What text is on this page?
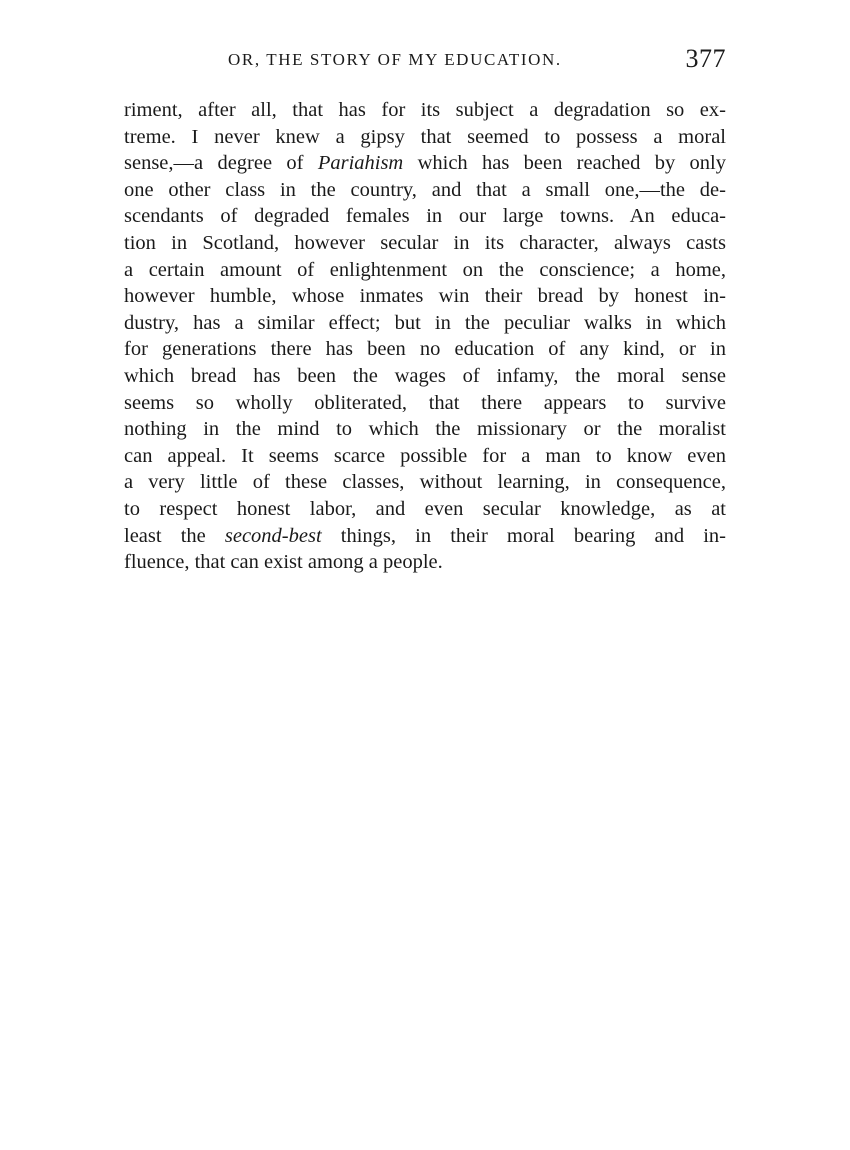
OR, THE STORY OF MY EDUCATION.	377
riment, after all, that has for its subject a degradation so ex-
treme. I never knew a gipsy that seemed to possess a moral
sense,—a degree of Pariahism which has been reached by only
one other class in the country, and that a small one,—the de-
scendants of degraded females in our large towns. An educa-
tion in Scotland, however secular in its character, always casts
a certain amount of enlightenment on the conscience; a home,
however humble, whose inmates win their bread by honest in-
dustry, has a similar effect; but in the peculiar walks in which
for generations there has been no education of any kind, or in
which bread has been the wages of infamy, the moral sense
seems so wholly obliterated, that there appears to survive
nothing in the mind to which the missionary or the moralist
can appeal. It seems scarce possible for a man to know even
a very little of these classes, without learning, in consequence,
to respect honest labor, and even secular knowledge, as at
least the second-best things, in their moral bearing and in-
fluence, that can exist among a people.
